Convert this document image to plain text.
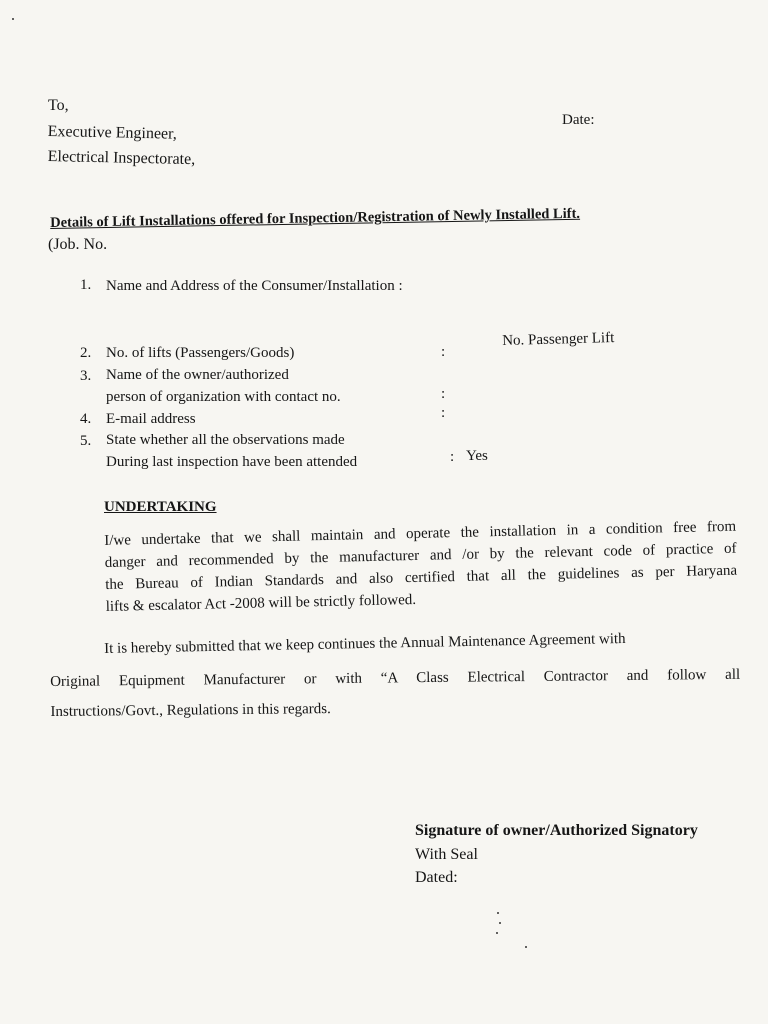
To,
Executive Engineer,
Electrical Inspectorate,
Date:
Details of Lift Installations offered for Inspection/Registration of Newly Installed Lift.
(Job. No.
1. Name and Address of the Consumer/Installation :
2. No. of lifts (Passengers/Goods)	:
No. Passenger Lift
3. Name of the owner/authorized
person of organization with contact no.	:
4. E-mail address	:
5. State whether all the observations made
During last inspection have been attended	: Yes
UNDERTAKING
I/we undertake that we shall maintain and operate the installation in a condition free from
danger and recommended by the manufacturer and /or by the relevant code of practice of
the Bureau of Indian Standards and also certified that all the guidelines as per Haryana
lifts & escalator Act -2008 will be strictly followed.
It is hereby submitted that we keep continues the Annual Maintenance Agreement with
Original Equipment Manufacturer or with “A Class Electrical Contractor and follow all
Instructions/Govt., Regulations in this regards.
Signature of owner/Authorized Signatory
With Seal
Dated:
